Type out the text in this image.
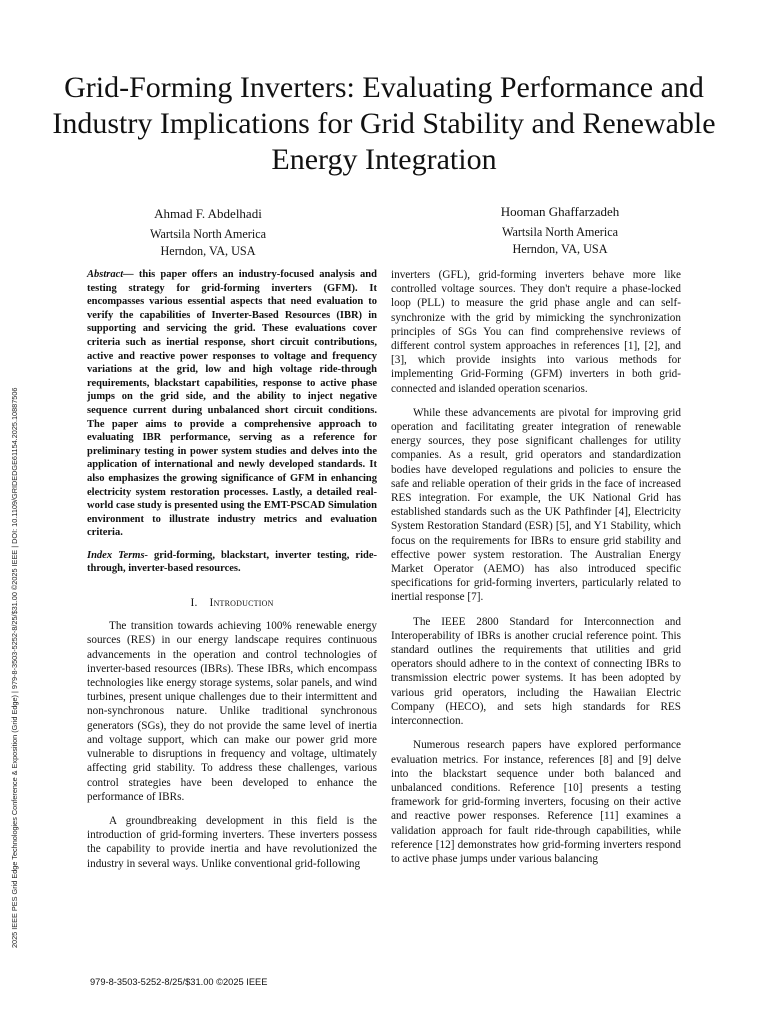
Grid-Forming Inverters: Evaluating Performance and Industry Implications for Grid Stability and Renewable Energy Integration
Ahmad F. Abdelhadi
Wartsila North America
Herndon, VA, USA
Hooman Ghaffarzadeh
Wartsila North America
Herndon, VA, USA
2025 IEEE PES Grid Edge Technologies Conference & Exposition (Grid Edge) | 979-8-3503-5252-8/25/$31.00 ©2025 IEEE | DOI: 10.1109/GRIDEDGE61154.2025.10887506

Abstract— this paper offers an industry-focused analysis and testing strategy for grid-forming inverters (GFM). It encompasses various essential aspects that need evaluation to verify the capabilities of Inverter-Based Resources (IBR) in supporting and servicing the grid. These evaluations cover criteria such as inertial response, short circuit contributions, active and reactive power responses to voltage and frequency variations at the grid, low and high voltage ride-through requirements, blackstart capabilities, response to active phase jumps on the grid side, and the ability to inject negative sequence current during unbalanced short circuit conditions. The paper aims to provide a comprehensive approach to evaluating IBR performance, serving as a reference for preliminary testing in power system studies and delves into the application of international and newly developed standards. It also emphasizes the growing significance of GFM in enhancing electricity system restoration processes. Lastly, a detailed real-world case study is presented using the EMT-PSCAD Simulation environment to illustrate industry metrics and evaluation criteria.

Index Terms- grid-forming, blackstart, inverter testing, ride-through, inverter-based resources.

I. Introduction

The transition towards achieving 100% renewable energy sources (RES) in our energy landscape requires continuous advancements in the operation and control technologies of inverter-based resources (IBRs). These IBRs, which encompass technologies like energy storage systems, solar panels, and wind turbines, present unique challenges due to their intermittent and non-synchronous nature. Unlike traditional synchronous generators (SGs), they do not provide the same level of inertia and voltage support, which can make our power grid more vulnerable to disruptions in frequency and voltage, ultimately affecting grid stability. To address these challenges, various control strategies have been developed to enhance the performance of IBRs.

A groundbreaking development in this field is the introduction of grid-forming inverters. These inverters possess the capability to provide inertia and have revolutionized the industry in several ways. Unlike conventional grid-following

inverters (GFL), grid-forming inverters behave more like controlled voltage sources. They don't require a phase-locked loop (PLL) to measure the grid phase angle and can self-synchronize with the grid by mimicking the synchronization principles of SGs You can find comprehensive reviews of different control system approaches in references [1], [2], and [3], which provide insights into various methods for implementing Grid-Forming (GFM) inverters in both grid-connected and islanded operation scenarios.

While these advancements are pivotal for improving grid operation and facilitating greater integration of renewable energy sources, they pose significant challenges for utility companies. As a result, grid operators and standardization bodies have developed regulations and policies to ensure the safe and reliable operation of their grids in the face of increased RES integration. For example, the UK National Grid has established standards such as the UK Pathfinder [4], Electricity System Restoration Standard (ESR) [5], and Y1 Stability, which focus on the requirements for IBRs to ensure grid stability and effective power system restoration. The Australian Energy Market Operator (AEMO) has also introduced specific specifications for grid-forming inverters, particularly related to inertial response [7].

The IEEE 2800 Standard for Interconnection and Interoperability of IBRs is another crucial reference point. This standard outlines the requirements that utilities and grid operators should adhere to in the context of connecting IBRs to transmission electric power systems. It has been adopted by various grid operators, including the Hawaiian Electric Company (HECO), and sets high standards for RES interconnection.

Numerous research papers have explored performance evaluation metrics. For instance, references [8] and [9] delve into the blackstart sequence under both balanced and unbalanced conditions. Reference [10] presents a testing framework for grid-forming inverters, focusing on their active and reactive power responses. Reference [11] examines a validation approach for fault ride-through capabilities, while reference [12] demonstrates how grid-forming inverters respond to active phase jumps under various balancing

979-8-3503-5252-8/25/$31.00 ©2025 IEEE
